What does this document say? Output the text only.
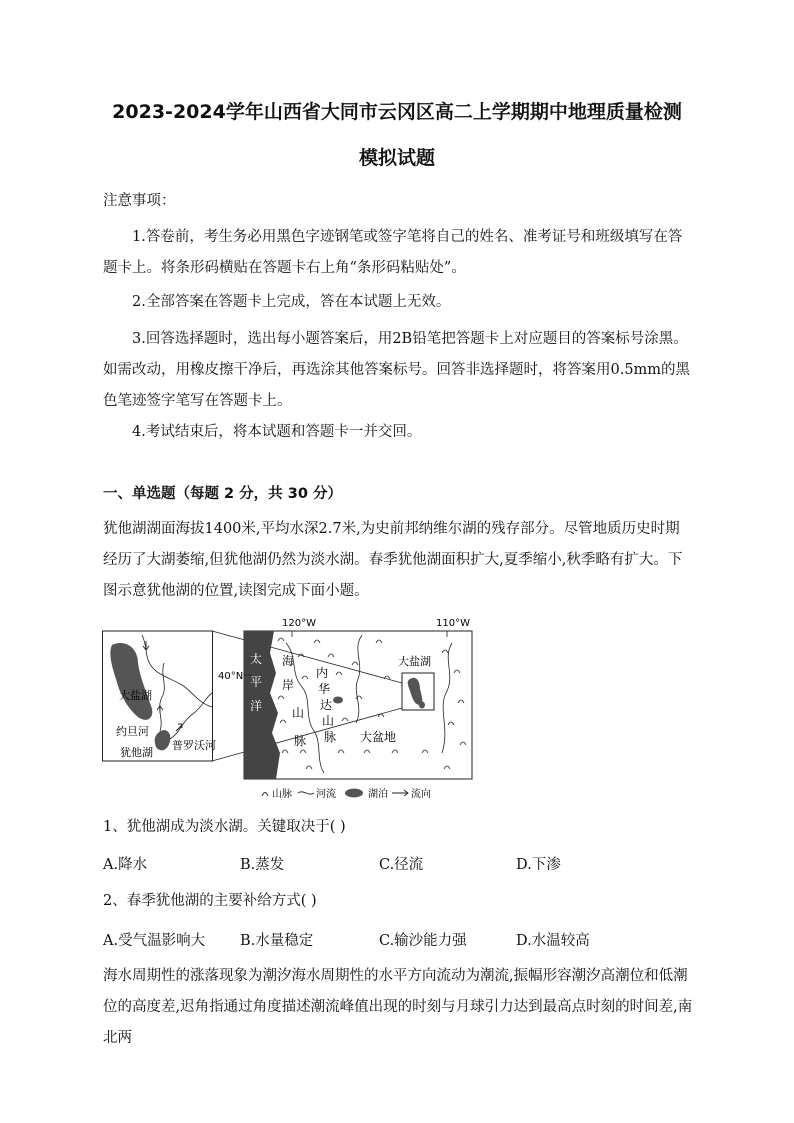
2023-2024学年山西省大同市云冈区高二上学期期中地理质量检测
模拟试题

注意事项：

1.答卷前，考生务必用黑色字迹钢笔或签字笔将自己的姓名、准考证号和班级填写在答题卡上。将条形码横贴在答题卡右上角“条形码粘贴处”。

2.全部答案在答题卡上完成，答在本试题上无效。

3.回答选择题时，选出每小题答案后，用2B铅笔把答题卡上对应题目的答案标号涂黑。如需改动，用橡皮擦干净后，再选涂其他答案标号。回答非选择题时，将答案用0.5mm的黑色笔迹签字笔写在答题卡上。

4.考试结束后，将本试题和答题卡一并交回。

一、单选题（每题 2 分，共 30 分）

犹他湖湖面海拔1400米,平均水深2.7米,为史前邦纳维尔湖的残存部分。尽管地质历史时期经历了大湖萎缩,但犹他湖仍然为淡水湖。春季犹他湖面积扩大,夏季缩小,秋季略有扩大。下图示意犹他湖的位置,读图完成下面小题。

大盐湖
约旦河
犹他湖
普罗沃河
120°W	110°W
40°N
太
平
洋
海
岸
山
脉
内
华
达
山
脉 大盆地
大盐湖
山脉 河流	湖泊 流向

1、犹他湖成为淡水湖。关键取决于( )

A.降水	B.蒸发	C.径流	D.下渗

2、春季犹他湖的主要补给方式( )

A.受气温影响大 B.水量稳定	C.输沙能力强	D.水温较高

海水周期性的涨落现象为潮汐海水周期性的水平方向流动为潮流,振幅形容潮汐高潮位和低潮位的高度差,迟角指通过角度描述潮流峰值出现的时刻与月球引力达到最高点时刻的时间差,南北两
